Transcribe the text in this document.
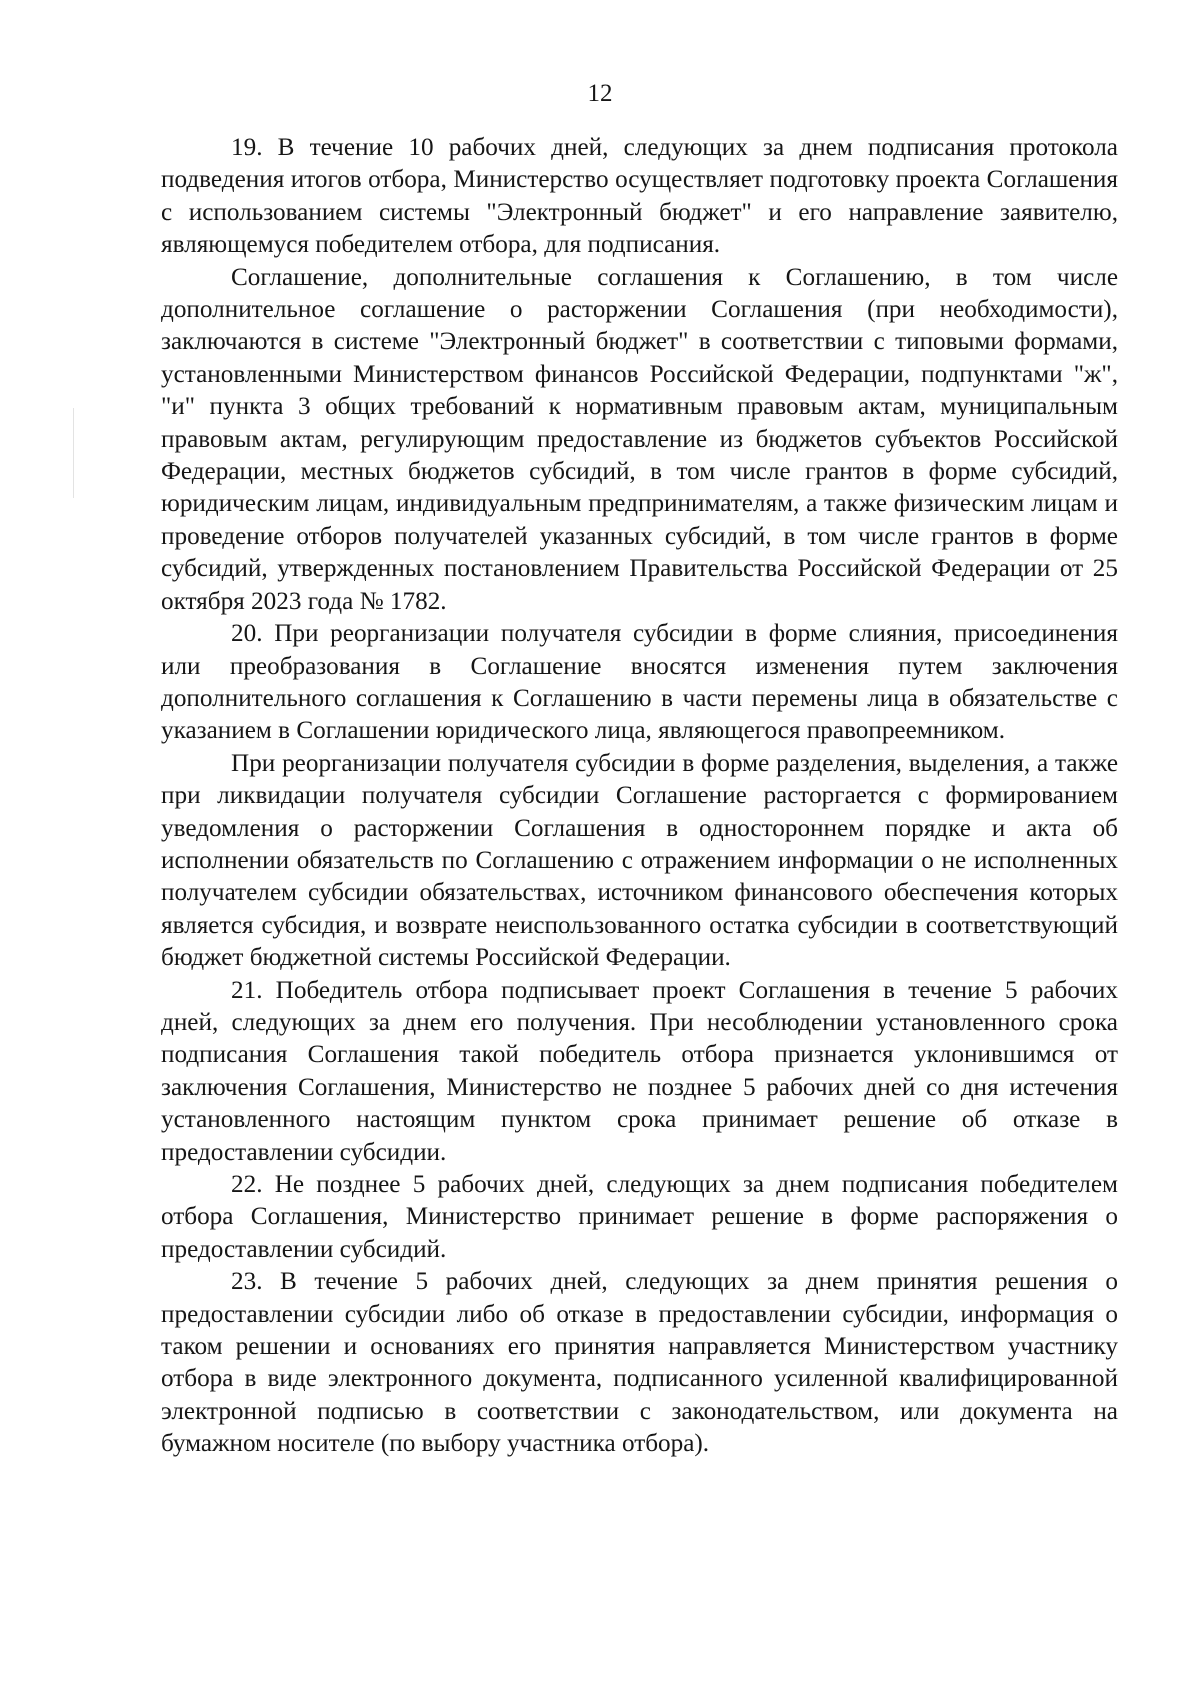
12

19. В течение 10 рабочих дней, следующих за днем подписания протокола подведения итогов отбора, Министерство осуществляет подготовку проекта Соглашения с использованием системы "Электронный бюджет" и его направление заявителю, являющемуся победителем отбора, для подписания.

Соглашение, дополнительные соглашения к Соглашению, в том числе дополнительное соглашение о расторжении Соглашения (при необходимости), заключаются в системе "Электронный бюджет" в соответствии с типовыми формами, установленными Министерством финансов Российской Федерации, подпунктами "ж", "и" пункта 3 общих требований к нормативным правовым актам, муниципальным правовым актам, регулирующим предоставление из бюджетов субъектов Российской Федерации, местных бюджетов субсидий, в том числе грантов в форме субсидий, юридическим лицам, индивидуальным предпринимателям, а также физическим лицам и проведение отборов получателей указанных субсидий, в том числе грантов в форме субсидий, утвержденных постановлением Правительства Российской Федерации от 25 октября 2023 года № 1782.

20. При реорганизации получателя субсидии в форме слияния, присоединения или преобразования в Соглашение вносятся изменения путем заключения дополнительного соглашения к Соглашению в части перемены лица в обязательстве с указанием в Соглашении юридического лица, являющегося правопреемником.

При реорганизации получателя субсидии в форме разделения, выделения, а также при ликвидации получателя субсидии Соглашение расторгается с формированием уведомления о расторжении Соглашения в одностороннем порядке и акта об исполнении обязательств по Соглашению с отражением информации о не исполненных получателем субсидии обязательствах, источником финансового обеспечения которых является субсидия, и возврате неиспользованного остатка субсидии в соответствующий бюджет бюджетной системы Российской Федерации.

21. Победитель отбора подписывает проект Соглашения в течение 5 рабочих дней, следующих за днем его получения. При несоблюдении установленного срока подписания Соглашения такой победитель отбора признается уклонившимся от заключения Соглашения, Министерство не позднее 5 рабочих дней со дня истечения установленного настоящим пунктом срока принимает решение об отказе в предоставлении субсидии.

22. Не позднее 5 рабочих дней, следующих за днем подписания победителем отбора Соглашения, Министерство принимает решение в форме распоряжения о предоставлении субсидий.

23. В течение 5 рабочих дней, следующих за днем принятия решения о предоставлении субсидии либо об отказе в предоставлении субсидии, информация о таком решении и основаниях его принятия направляется Министерством участнику отбора в виде электронного документа, подписанного усиленной квалифицированной электронной подписью в соответствии с законодательством, или документа на бумажном носителе (по выбору участника отбора).
